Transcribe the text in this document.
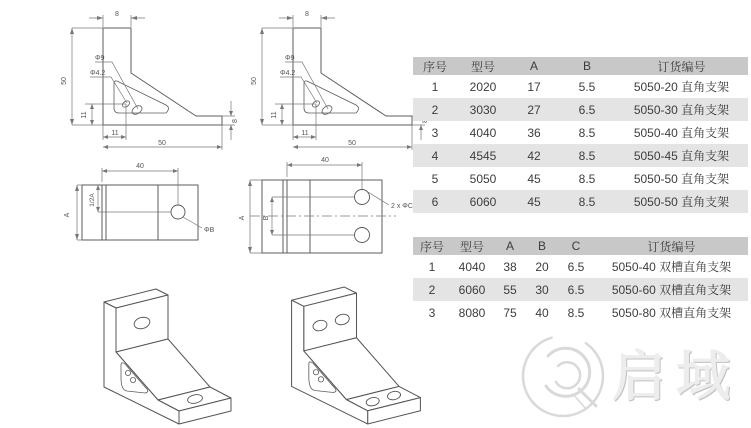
8
Φ9
Φ4.2
50
11
11
50
8
8
Φ9
Φ4.2
50
11
11
50
8
40
A
1/2A
ΦB
40
A B
2 x ΦC
序号	型号	A	B	订货编号
1	2020	17	5.5	5050-20 直角支架
2	3030	27	6.5	5050-30 直角支架
3	4040	36	8.5	5050-40 直角支架
4	4545	42	8.5	5050-45 直角支架
5	5050	45	8.5	5050-50 直角支架
6	6060	45	8.5	5050-50 直角支架
序号	型号	A	B	C	订货编号
1	4040	38	20	6.5	5050-40 双槽直角支架
2	6060	55	30	6.5	5050-60 双槽直角支架
3	8080	75	40	8.5	5050-80 双槽直角支架
启域
